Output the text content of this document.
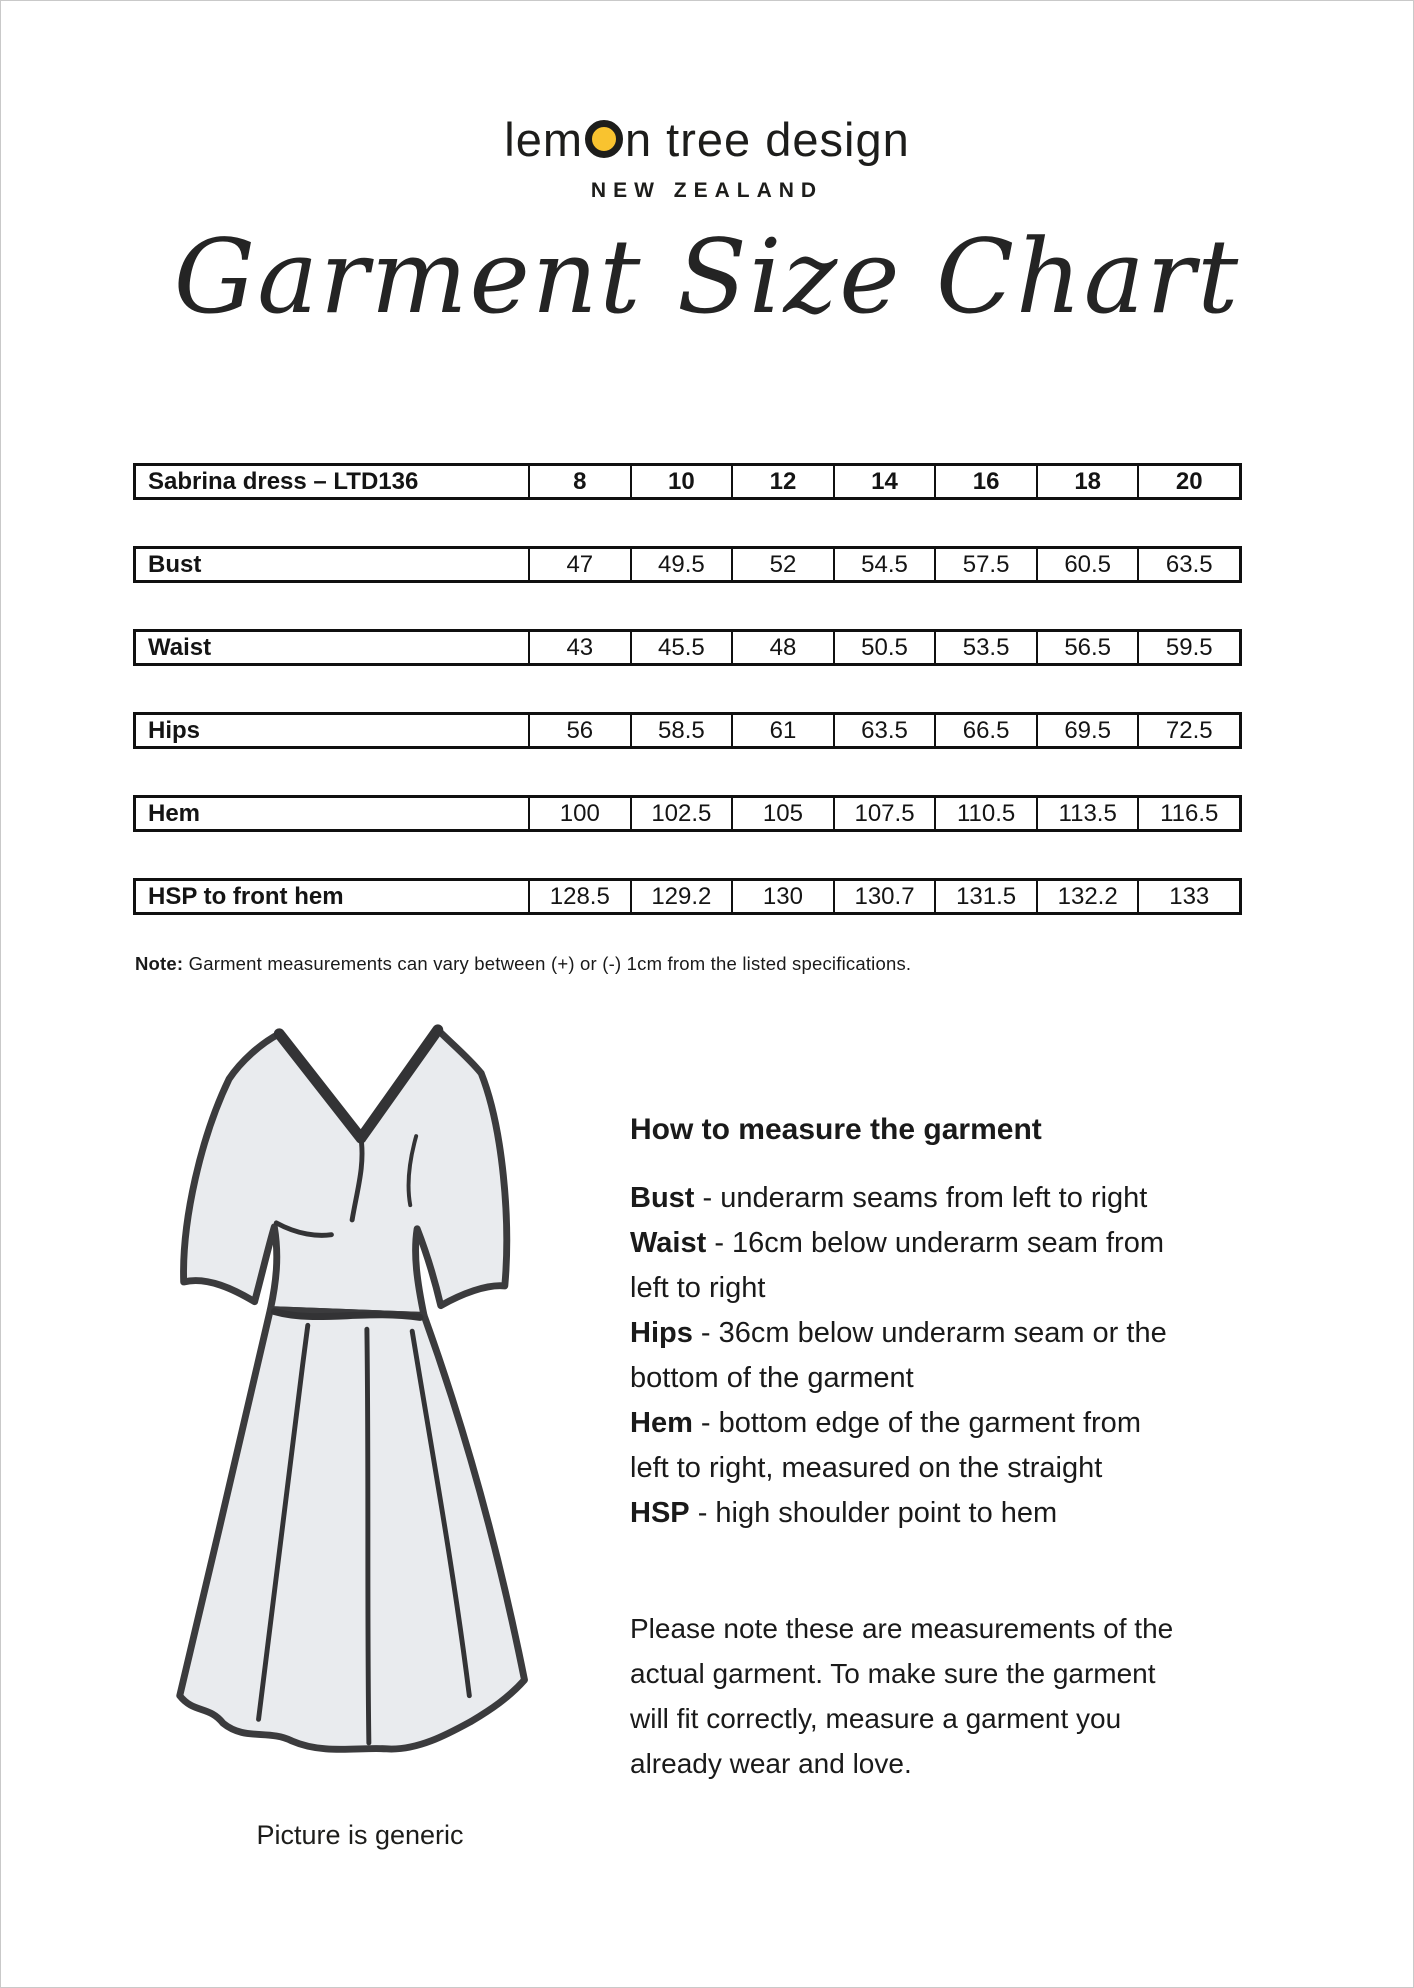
lem n tree design
NEW ZEALAND
Garment Size Chart
Sabrina dress – LTD136	8	10	12	14	16	18	20
Bust	47	49.5	52	54.5	57.5	60.5	63.5
Waist	43	45.5	48	50.5	53.5	56.5	59.5
Hips	56	58.5	61	63.5	66.5	69.5	72.5
Hem	100	102.5	105	107.5	110.5	113.5	116.5
HSP to front hem	128.5	129.2	130	130.7	131.5	132.2	133

Note: Garment measurements can vary between (+) or (-) 1cm from the listed specifications.

Picture is generic
How to measure the garment

Bust - underarm seams from left to right

Waist - 16cm below underarm seam from left to right

Hips - 36cm below underarm seam or the bottom of the garment

Hem - bottom edge of the garment from left to right, measured on the straight

HSP - high shoulder point to hem

Please note these are measurements of the actual garment. To make sure the garment will fit correctly, measure a garment you already wear and love.
